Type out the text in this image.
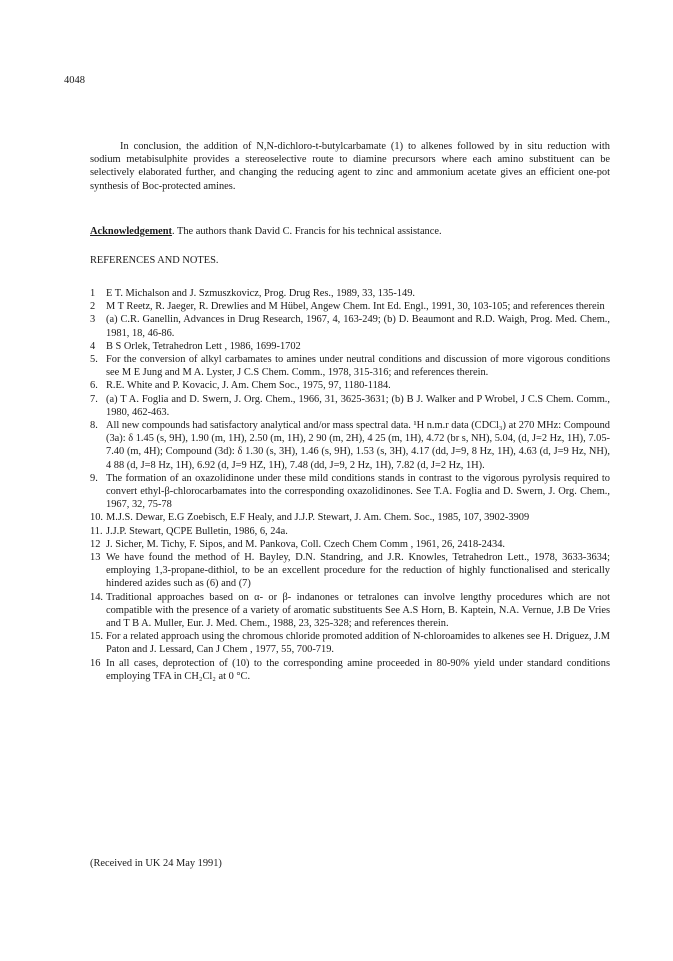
4048

In conclusion, the addition of N,N-dichloro-t-butylcarbamate (1) to alkenes followed by in situ reduction with sodium metabisulphite provides a stereoselective route to diamine precursors where each amino substituent can be selectively elaborated further, and changing the reducing agent to zinc and ammonium acetate gives an efficient one-pot synthesis of Boc-protected amines.

Acknowledgement. The authors thank David C. Francis for his technical assistance.

REFERENCES AND NOTES.
1 E T. Michalson and J. Szmuszkovicz, Prog. Drug Res., 1989, 33, 135-149.
2 M T Reetz, R. Jaeger, R. Drewlies and M Hübel, Angew Chem. Int Ed. Engl., 1991, 30, 103-105; and references therein
3 (a) C.R. Ganellin, Advances in Drug Research, 1967, 4, 163-249; (b) D. Beaumont and R.D. Waigh, Prog. Med. Chem., 1981, 18, 46-86.
4 B S Orlek, Tetrahedron Lett , 1986, 1699-1702
5. For the conversion of alkyl carbamates to amines under neutral conditions and discussion of more vigorous conditions see M E Jung and M A. Lyster, J C.S Chem. Comm., 1978, 315-316; and references therein.
6. R.E. White and P. Kovacic, J. Am. Chem Soc., 1975, 97, 1180-1184.
7. (a) T A. Foglia and D. Swern, J. Org. Chem., 1966, 31, 3625-3631; (b) B J. Walker and P Wrobel, J C.S Chem. Comm., 1980, 462-463.
8. All new compounds had satisfactory analytical and/or mass spectral data. ¹H n.m.r data (CDCl₃) at 270 MHz: Compound (3a): δ 1.45 (s, 9H), 1.90 (m, 1H), 2.50 (m, 1H), 2 90 (m, 2H), 4 25 (m, 1H), 4.72 (br s, NH), 5.04, (d, J=2 Hz, 1H), 7.05-7.40 (m, 4H); Compound (3d): δ 1.30 (s, 3H), 1.46 (s, 9H), 1.53 (s, 3H), 4.17 (dd, J=9, 8 Hz, 1H), 4.63 (d, J=9 Hz, NH), 4 88 (d, J=8 Hz, 1H), 6.92 (d, J=9 HZ, 1H), 7.48 (dd, J=9, 2 Hz, 1H), 7.82 (d, J=2 Hz, 1H).
9. The formation of an oxazolidinone under these mild conditions stands in contrast to the vigorous pyrolysis required to convert ethyl-β-chlorocarbamates into the corresponding oxazolidinones. See T.A. Foglia and D. Swern, J. Org. Chem., 1967, 32, 75-78
10. M.J.S. Dewar, E.G Zoebisch, E.F Healy, and J.J.P. Stewart, J. Am. Chem. Soc., 1985, 107, 3902-3909
11. J.J.P. Stewart, QCPE Bulletin, 1986, 6, 24a.
12 J. Sicher, M. Tichy, F. Sipos, and M. Pankova, Coll. Czech Chem Comm , 1961, 26, 2418-2434.
13 We have found the method of H. Bayley, D.N. Standring, and J.R. Knowles, Tetrahedron Lett., 1978, 3633-3634; employing 1,3-propane-dithiol, to be an excellent procedure for the reduction of highly functionalised and sterically hindered azides such as (6) and (7)
14. Traditional approaches based on α- or β- indanones or tetralones can involve lengthy procedures which are not compatible with the presence of a variety of aromatic substituents See A.S Horn, B. Kaptein, N.A. Vernue, J.B De Vries and T B A. Muller, Eur. J. Med. Chem., 1988, 23, 325-328; and references therein.
15. For a related approach using the chromous chloride promoted addition of N-chloroamides to alkenes see H. Driguez, J.M Paton and J. Lessard, Can J Chem , 1977, 55, 700-719.
16 In all cases, deprotection of (10) to the corresponding amine proceeded in 80-90% yield under standard conditions employing TFA in CH₂Cl₂ at 0 °C.
(Received in UK 24 May 1991)
